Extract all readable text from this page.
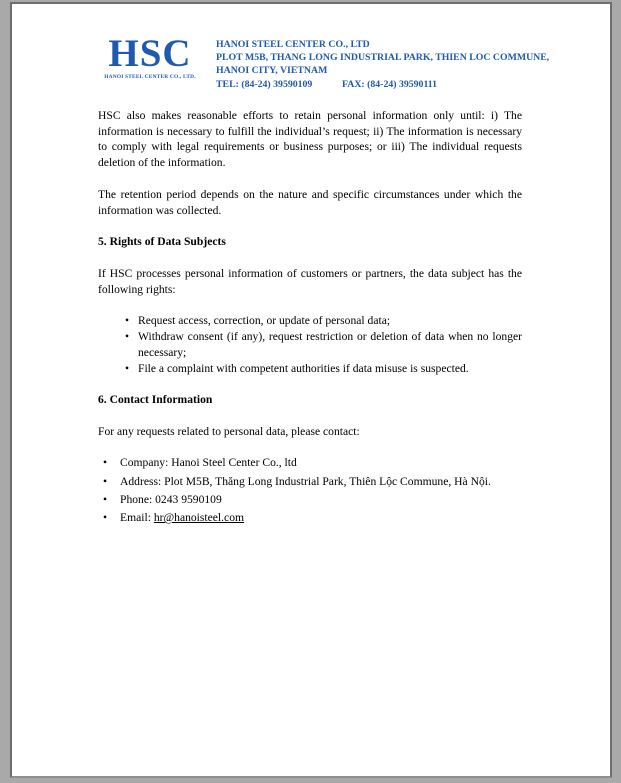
HSC
HANOI STEEL CENTER CO., LTD.
HANOI STEEL CENTER CO., LTD
PLOT M5B, THANG LONG INDUSTRIAL PARK, THIEN LOC COMMUNE,
HANOI CITY, VIETNAM
TEL: (84-24) 39590109	FAX: (84-24) 39590111

HSC also makes reasonable efforts to retain personal information only until: i) The information is necessary to fulfill the individual’s request; ii) The information is necessary to comply with legal requirements or business purposes; or iii) The individual requests deletion of the information.

The retention period depends on the nature and specific circumstances under which the information was collected.

5. Rights of Data Subjects

If HSC processes personal information of customers or partners, the data subject has the following rights:

• Request access, correction, or update of personal data;
• Withdraw consent (if any), request restriction or deletion of data when no longer necessary;
• File a complaint with competent authorities if data misuse is suspected.
6. Contact Information

For any requests related to personal data, please contact:

• Company: Hanoi Steel Center Co., ltd
• Address: Plot M5B, Thăng Long Industrial Park, Thiên Lộc Commune, Hà Nội.
• Phone: 0243 9590109
• Email: hr@hanoisteel.com
